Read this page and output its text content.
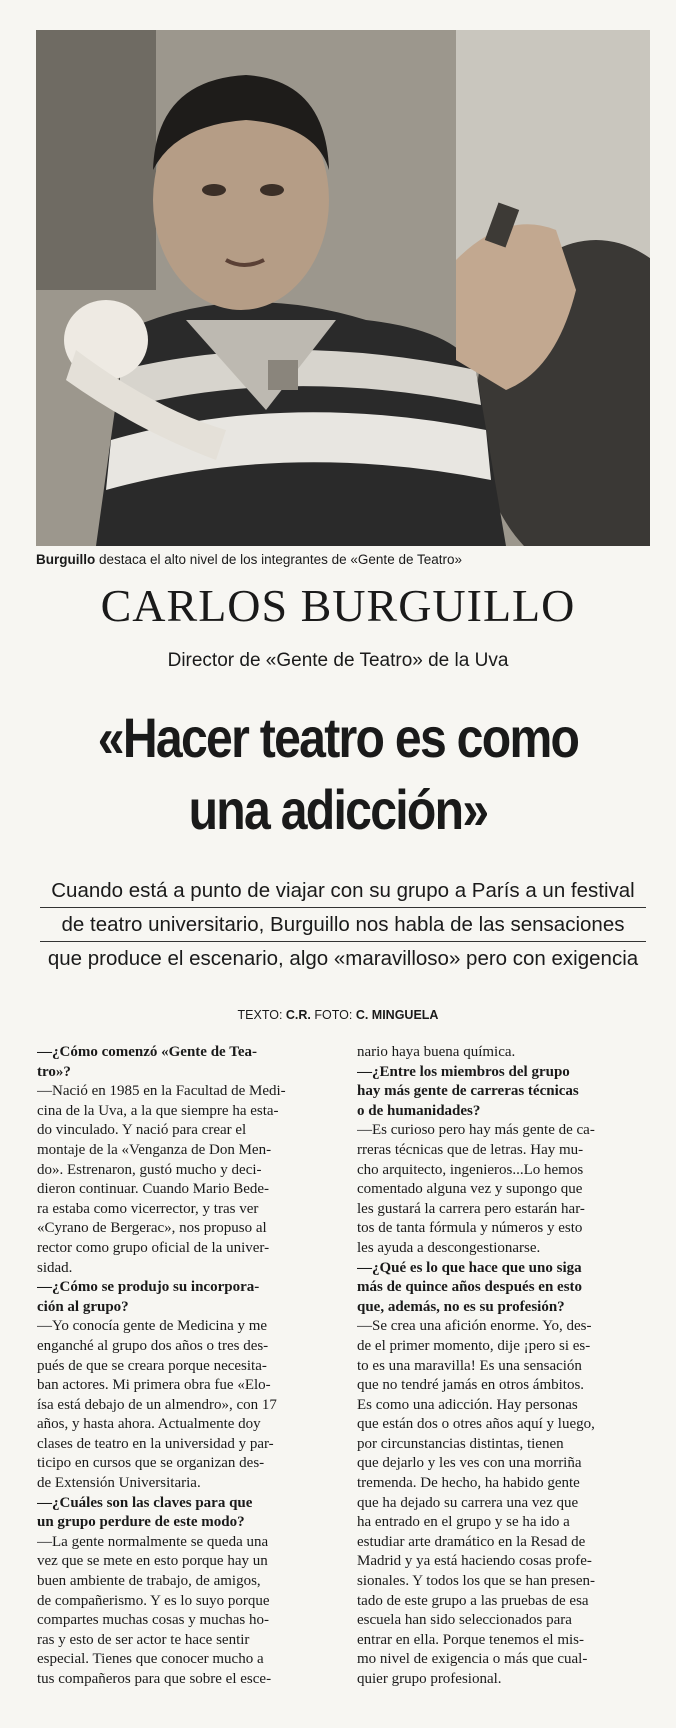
Burguillo destaca el alto nivel de los integrantes de «Gente de Teatro»
CARLOS BURGUILLO
Director de «Gente de Teatro» de la Uva
«Hacer teatro es como
una adicción»
Cuando está a punto de viajar con su grupo a París a un festival
de teatro universitario, Burguillo nos habla de las sensaciones
que produce el escenario, algo «maravilloso» pero con exigencia
TEXTO: C.R. FOTO: C. MINGUELA

—¿Cómo comenzó «Gente de Tea-

tro»?

—Nació en 1985 en la Facultad de Medi-

cina de la Uva, a la que siempre ha esta-

do vinculado. Y nació para crear el

montaje de la «Venganza de Don Men-

do». Estrenaron, gustó mucho y deci-

dieron continuar. Cuando Mario Bede-

ra estaba como vicerrector, y tras ver

«Cyrano de Bergerac», nos propuso al

rector como grupo oficial de la univer-

sidad.

—¿Cómo se produjo su incorpora-

ción al grupo?

—Yo conocía gente de Medicina y me

enganché al grupo dos años o tres des-

pués de que se creara porque necesita-

ban actores. Mi primera obra fue «Elo-

ísa está debajo de un almendro», con 17

años, y hasta ahora. Actualmente doy

clases de teatro en la universidad y par-

ticipo en cursos que se organizan des-

de Extensión Universitaria.

—¿Cuáles son las claves para que

un grupo perdure de este modo?

—La gente normalmente se queda una

vez que se mete en esto porque hay un

buen ambiente de trabajo, de amigos,

de compañerismo. Y es lo suyo porque

compartes muchas cosas y muchas ho-

ras y esto de ser actor te hace sentir

especial. Tienes que conocer mucho a

tus compañeros para que sobre el esce-

nario haya buena química.

—¿Entre los miembros del grupo

hay más gente de carreras técnicas

o de humanidades?

—Es curioso pero hay más gente de ca-

rreras técnicas que de letras. Hay mu-

cho arquitecto, ingenieros...Lo hemos

comentado alguna vez y supongo que

les gustará la carrera pero estarán har-

tos de tanta fórmula y números y esto

les ayuda a descongestionarse.

—¿Qué es lo que hace que uno siga

más de quince años después en esto

que, además, no es su profesión?

—Se crea una afición enorme. Yo, des-

de el primer momento, dije ¡pero si es-

to es una maravilla! Es una sensación

que no tendré jamás en otros ámbitos.

Es como una adicción. Hay personas

que están dos o otres años aquí y luego,

por circunstancias distintas, tienen

que dejarlo y les ves con una morriña

tremenda. De hecho, ha habido gente

que ha dejado su carrera una vez que

ha entrado en el grupo y se ha ido a

estudiar arte dramático en la Resad de

Madrid y ya está haciendo cosas profe-

sionales. Y todos los que se han presen-

tado de este grupo a las pruebas de esa

escuela han sido seleccionados para

entrar en ella. Porque tenemos el mis-

mo nivel de exigencia o más que cual-

quier grupo profesional.
